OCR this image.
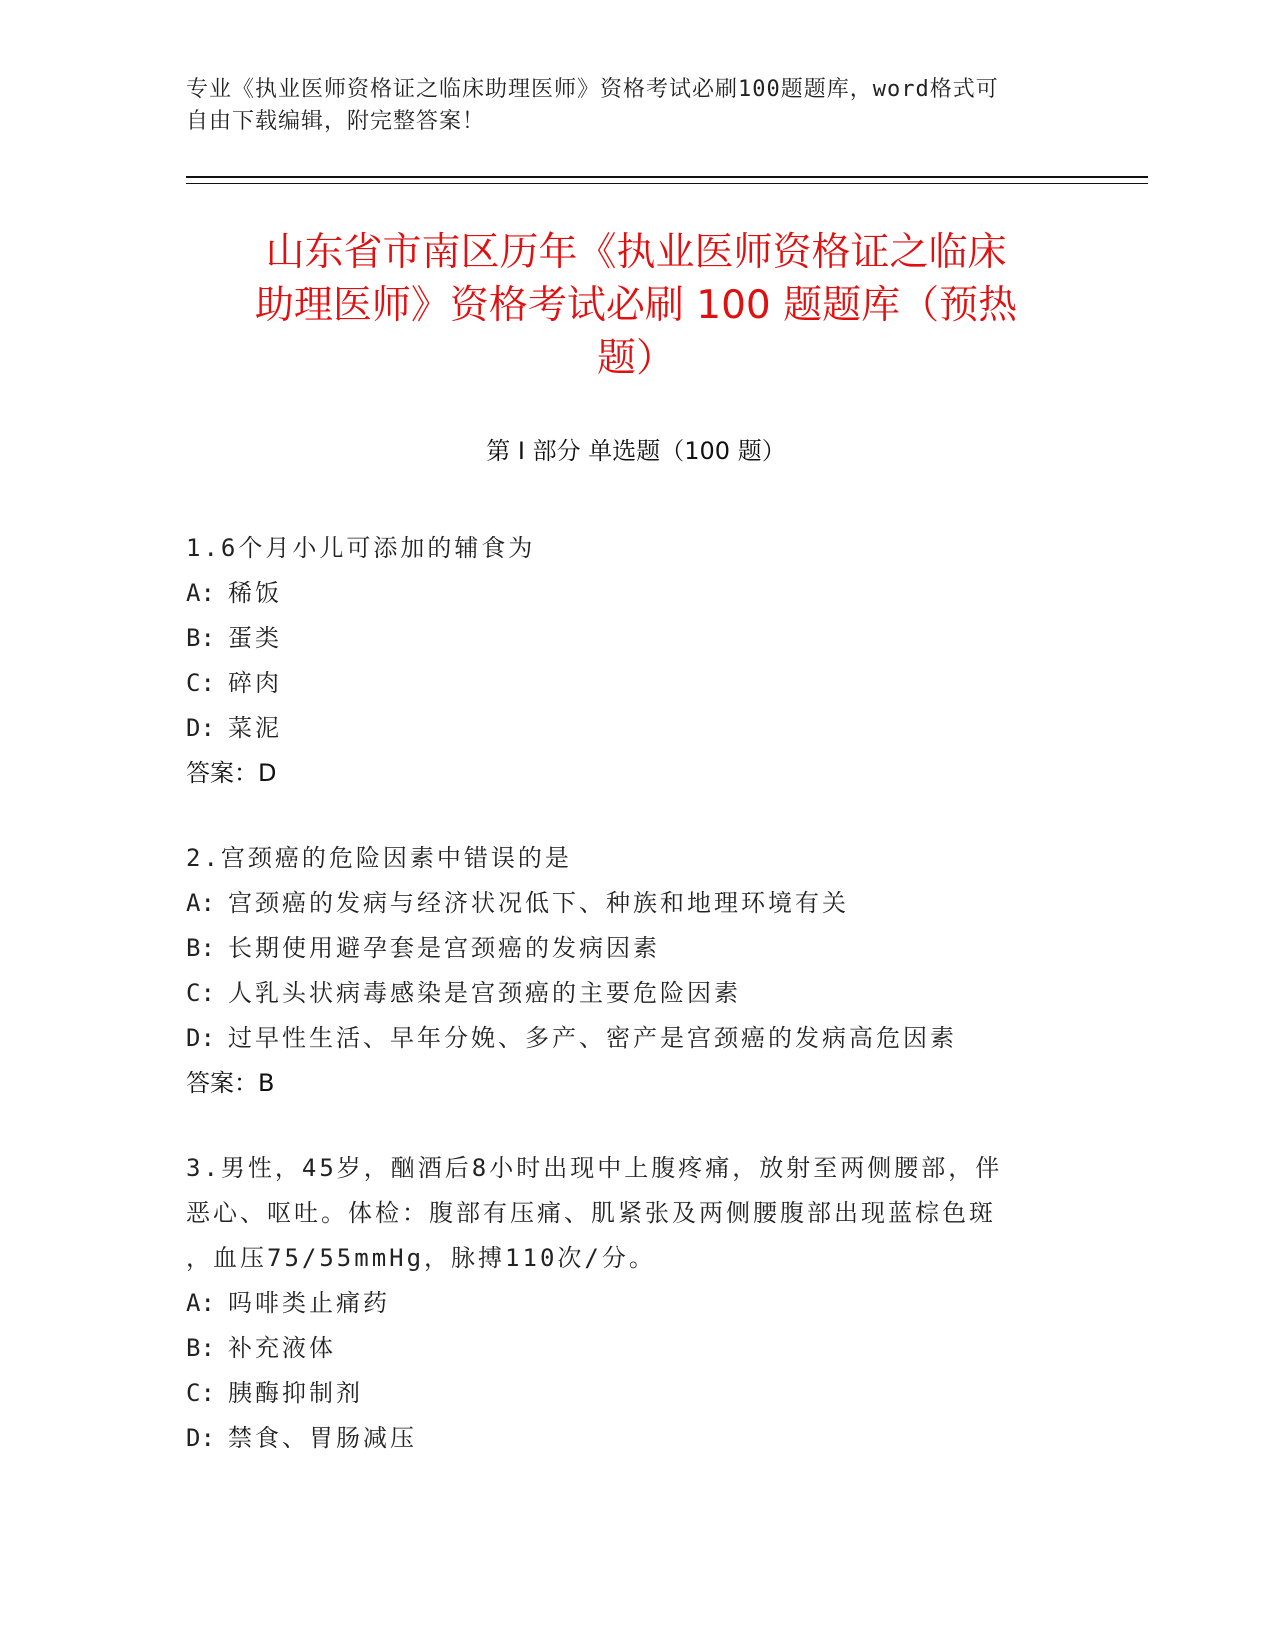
专业《执业医师资格证之临床助理医师》资格考试必刷100题题库，word格式可
自由下载编辑，附完整答案！
山东省市南区历年《执业医师资格证之临床
助理医师》资格考试必刷 100 题题库（预热
题）
第 I 部分 单选题（100 题）
1.6个月小儿可添加的辅食为
A: 稀饭
B: 蛋类
C: 碎肉
D: 菜泥
答案：D
2.宫颈癌的危险因素中错误的是
A: 宫颈癌的发病与经济状况低下、种族和地理环境有关
B: 长期使用避孕套是宫颈癌的发病因素
C: 人乳头状病毒感染是宫颈癌的主要危险因素
D: 过早性生活、早年分娩、多产、密产是宫颈癌的发病高危因素
答案：B
3.男性，45岁，酗酒后8小时出现中上腹疼痛，放射至两侧腰部，伴
恶心、呕吐。体检：腹部有压痛、肌紧张及两侧腰腹部出现蓝棕色斑
，血压75/55mmHg，脉搏110次/分。
A: 吗啡类止痛药
B: 补充液体
C: 胰酶抑制剂
D: 禁食、胃肠减压
